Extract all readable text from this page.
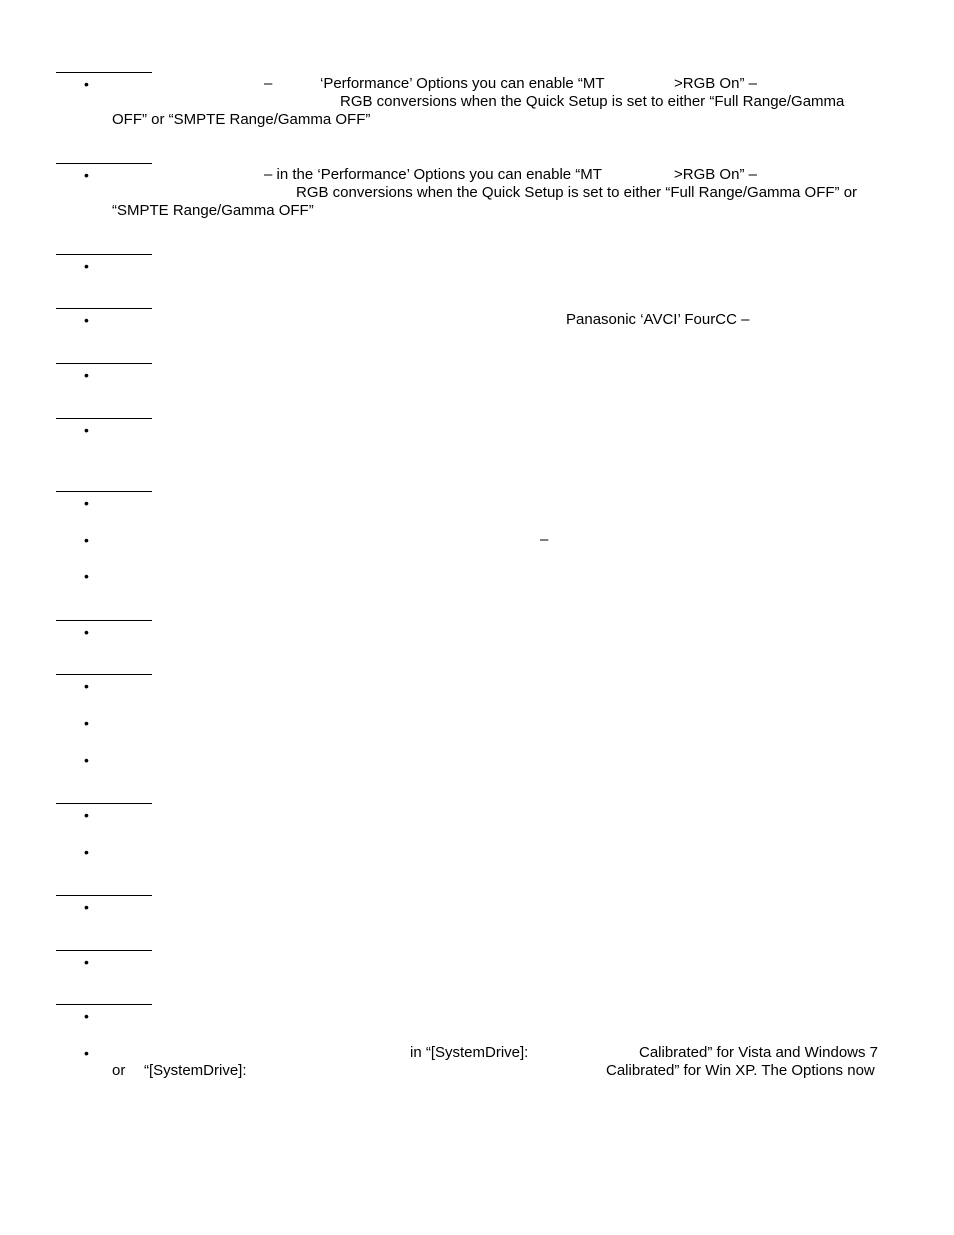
•	–	‘Performance’ Options you can enable “MT	>RGB On” –
RGB conversions when the Quick Setup is set to either “Full Range/Gamma
OFF” or “SMPTE Range/Gamma OFF”
•	– in the ‘Performance’ Options you can enable “MT	>RGB On” –
RGB conversions when the Quick Setup is set to either “Full Range/Gamma OFF” or
“SMPTE Range/Gamma OFF”
•
•	Panasonic ‘AVCI’ FourCC –
•
•
•
•	–
•
•
•
•
•
•
•
•
•
•
•	in “[SystemDrive]:	Calibrated” for Vista and Windows 7
or “[SystemDrive]:	Calibrated” for Win XP. The Options now
